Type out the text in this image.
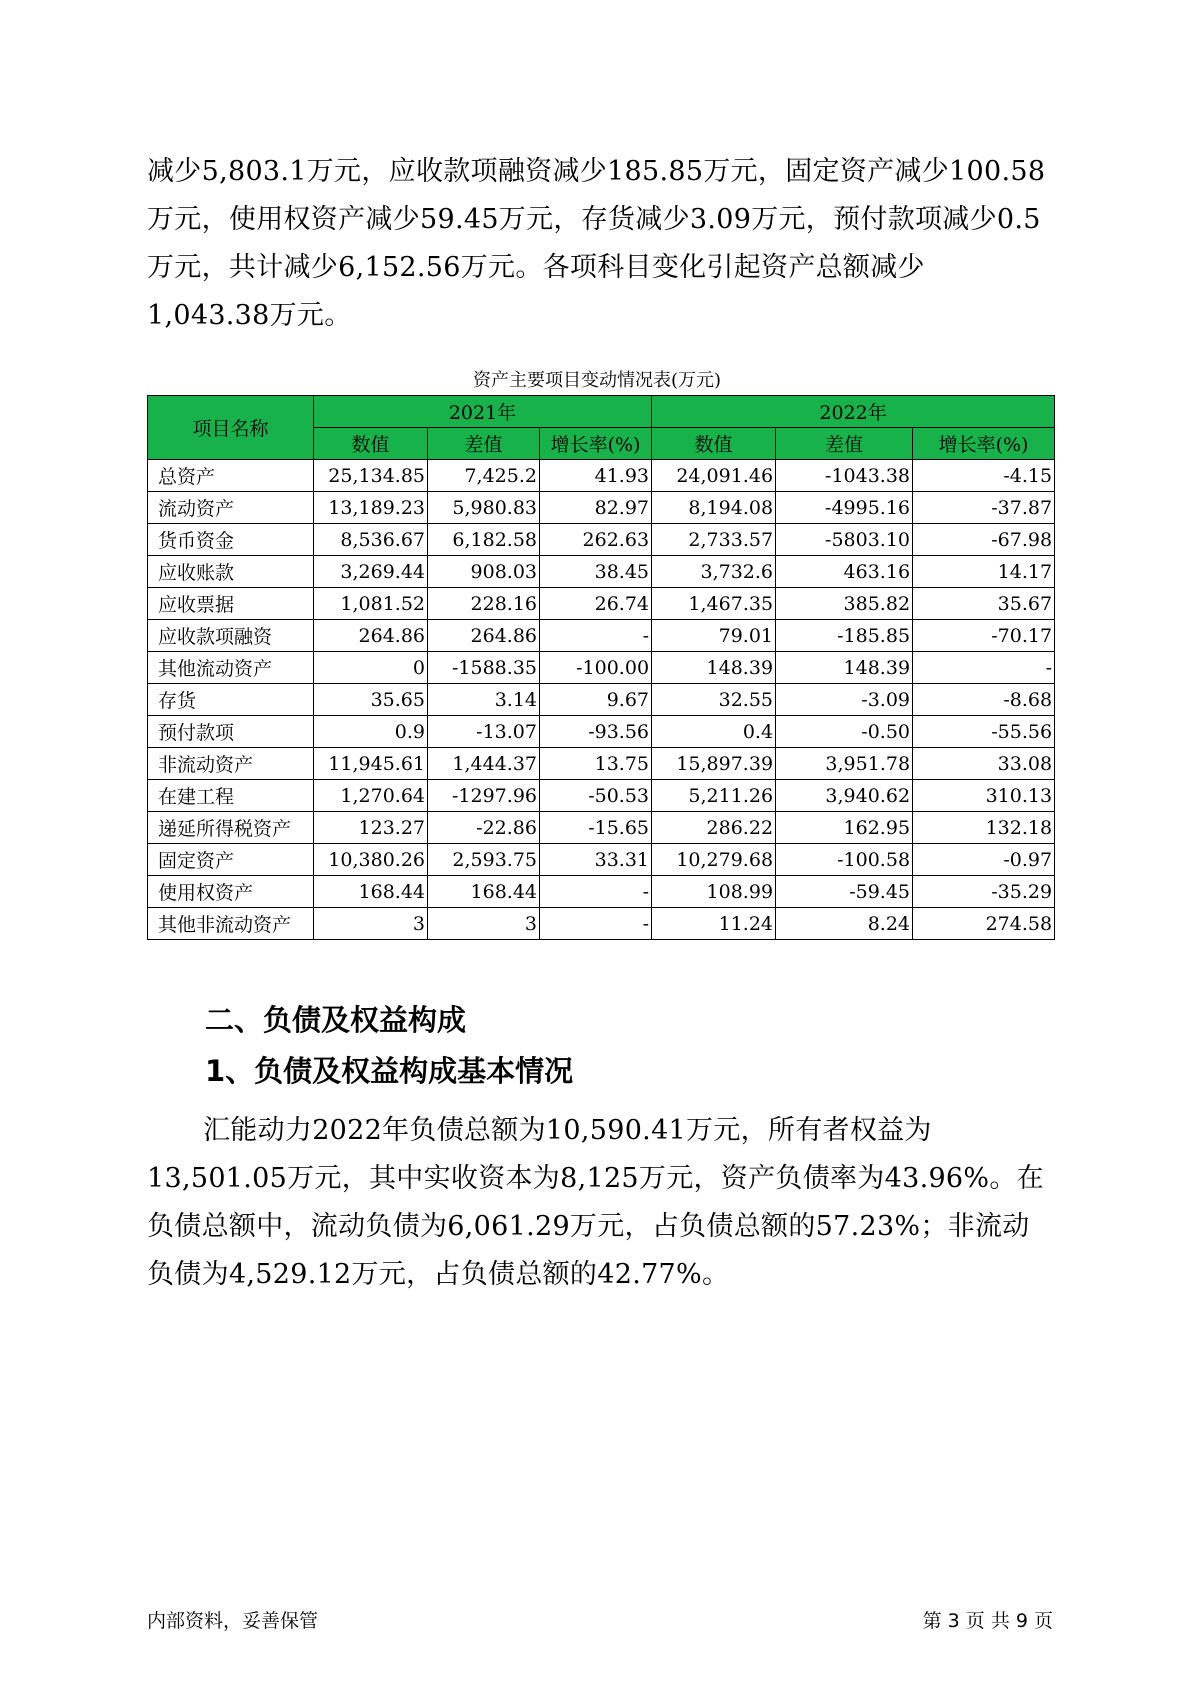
减少5,803.1万元，应收款项融资减少185.85万元，固定资产减少100.58万元，使用权资产减少59.45万元，存货减少3.09万元，预付款项减少0.5万元，共计减少6,152.56万元。各项科目变化引起资产总额减少1,043.38万元。

资产主要项目变动情况表(万元)
项目名称	2021年			2022年		
	数值	差值	增长率(%)	数值	差值	增长率(%)
总资产	25,134.85	7,425.2	41.93	24,091.46	-1043.38	-4.15
流动资产	13,189.23	5,980.83	82.97	8,194.08	-4995.16	-37.87
货币资金	8,536.67	6,182.58	262.63	2,733.57	-5803.10	-67.98
应收账款	3,269.44	908.03	38.45	3,732.6	463.16	14.17
应收票据	1,081.52	228.16	26.74	1,467.35	385.82	35.67
应收款项融资	264.86	264.86	-	79.01	-185.85	-70.17
其他流动资产	0	-1588.35	-100.00	148.39	148.39	-
存货	35.65	3.14	9.67	32.55	-3.09	-8.68
预付款项	0.9	-13.07	-93.56	0.4	-0.50	-55.56
非流动资产	11,945.61	1,444.37	13.75	15,897.39	3,951.78	33.08
在建工程	1,270.64	-1297.96	-50.53	5,211.26	3,940.62	310.13
递延所得税资产	123.27	-22.86	-15.65	286.22	162.95	132.18
固定资产	10,380.26	2,593.75	33.31	10,279.68	-100.58	-0.97
使用权资产	168.44	168.44	-	108.99	-59.45	-35.29
其他非流动资产	3	3	-	11.24	8.24	274.58
二、负债及权益构成
1、负债及权益构成基本情况

汇能动力2022年负债总额为10,590.41万元，所有者权益为13,501.05万元，其中实收资本为8,125万元，资产负债率为43.96%。在负债总额中，流动负债为6,061.29万元，占负债总额的57.23%；非流动负债为4,529.12万元，占负债总额的42.77%。

内部资料，妥善保管	第 3 页 共 9 页
